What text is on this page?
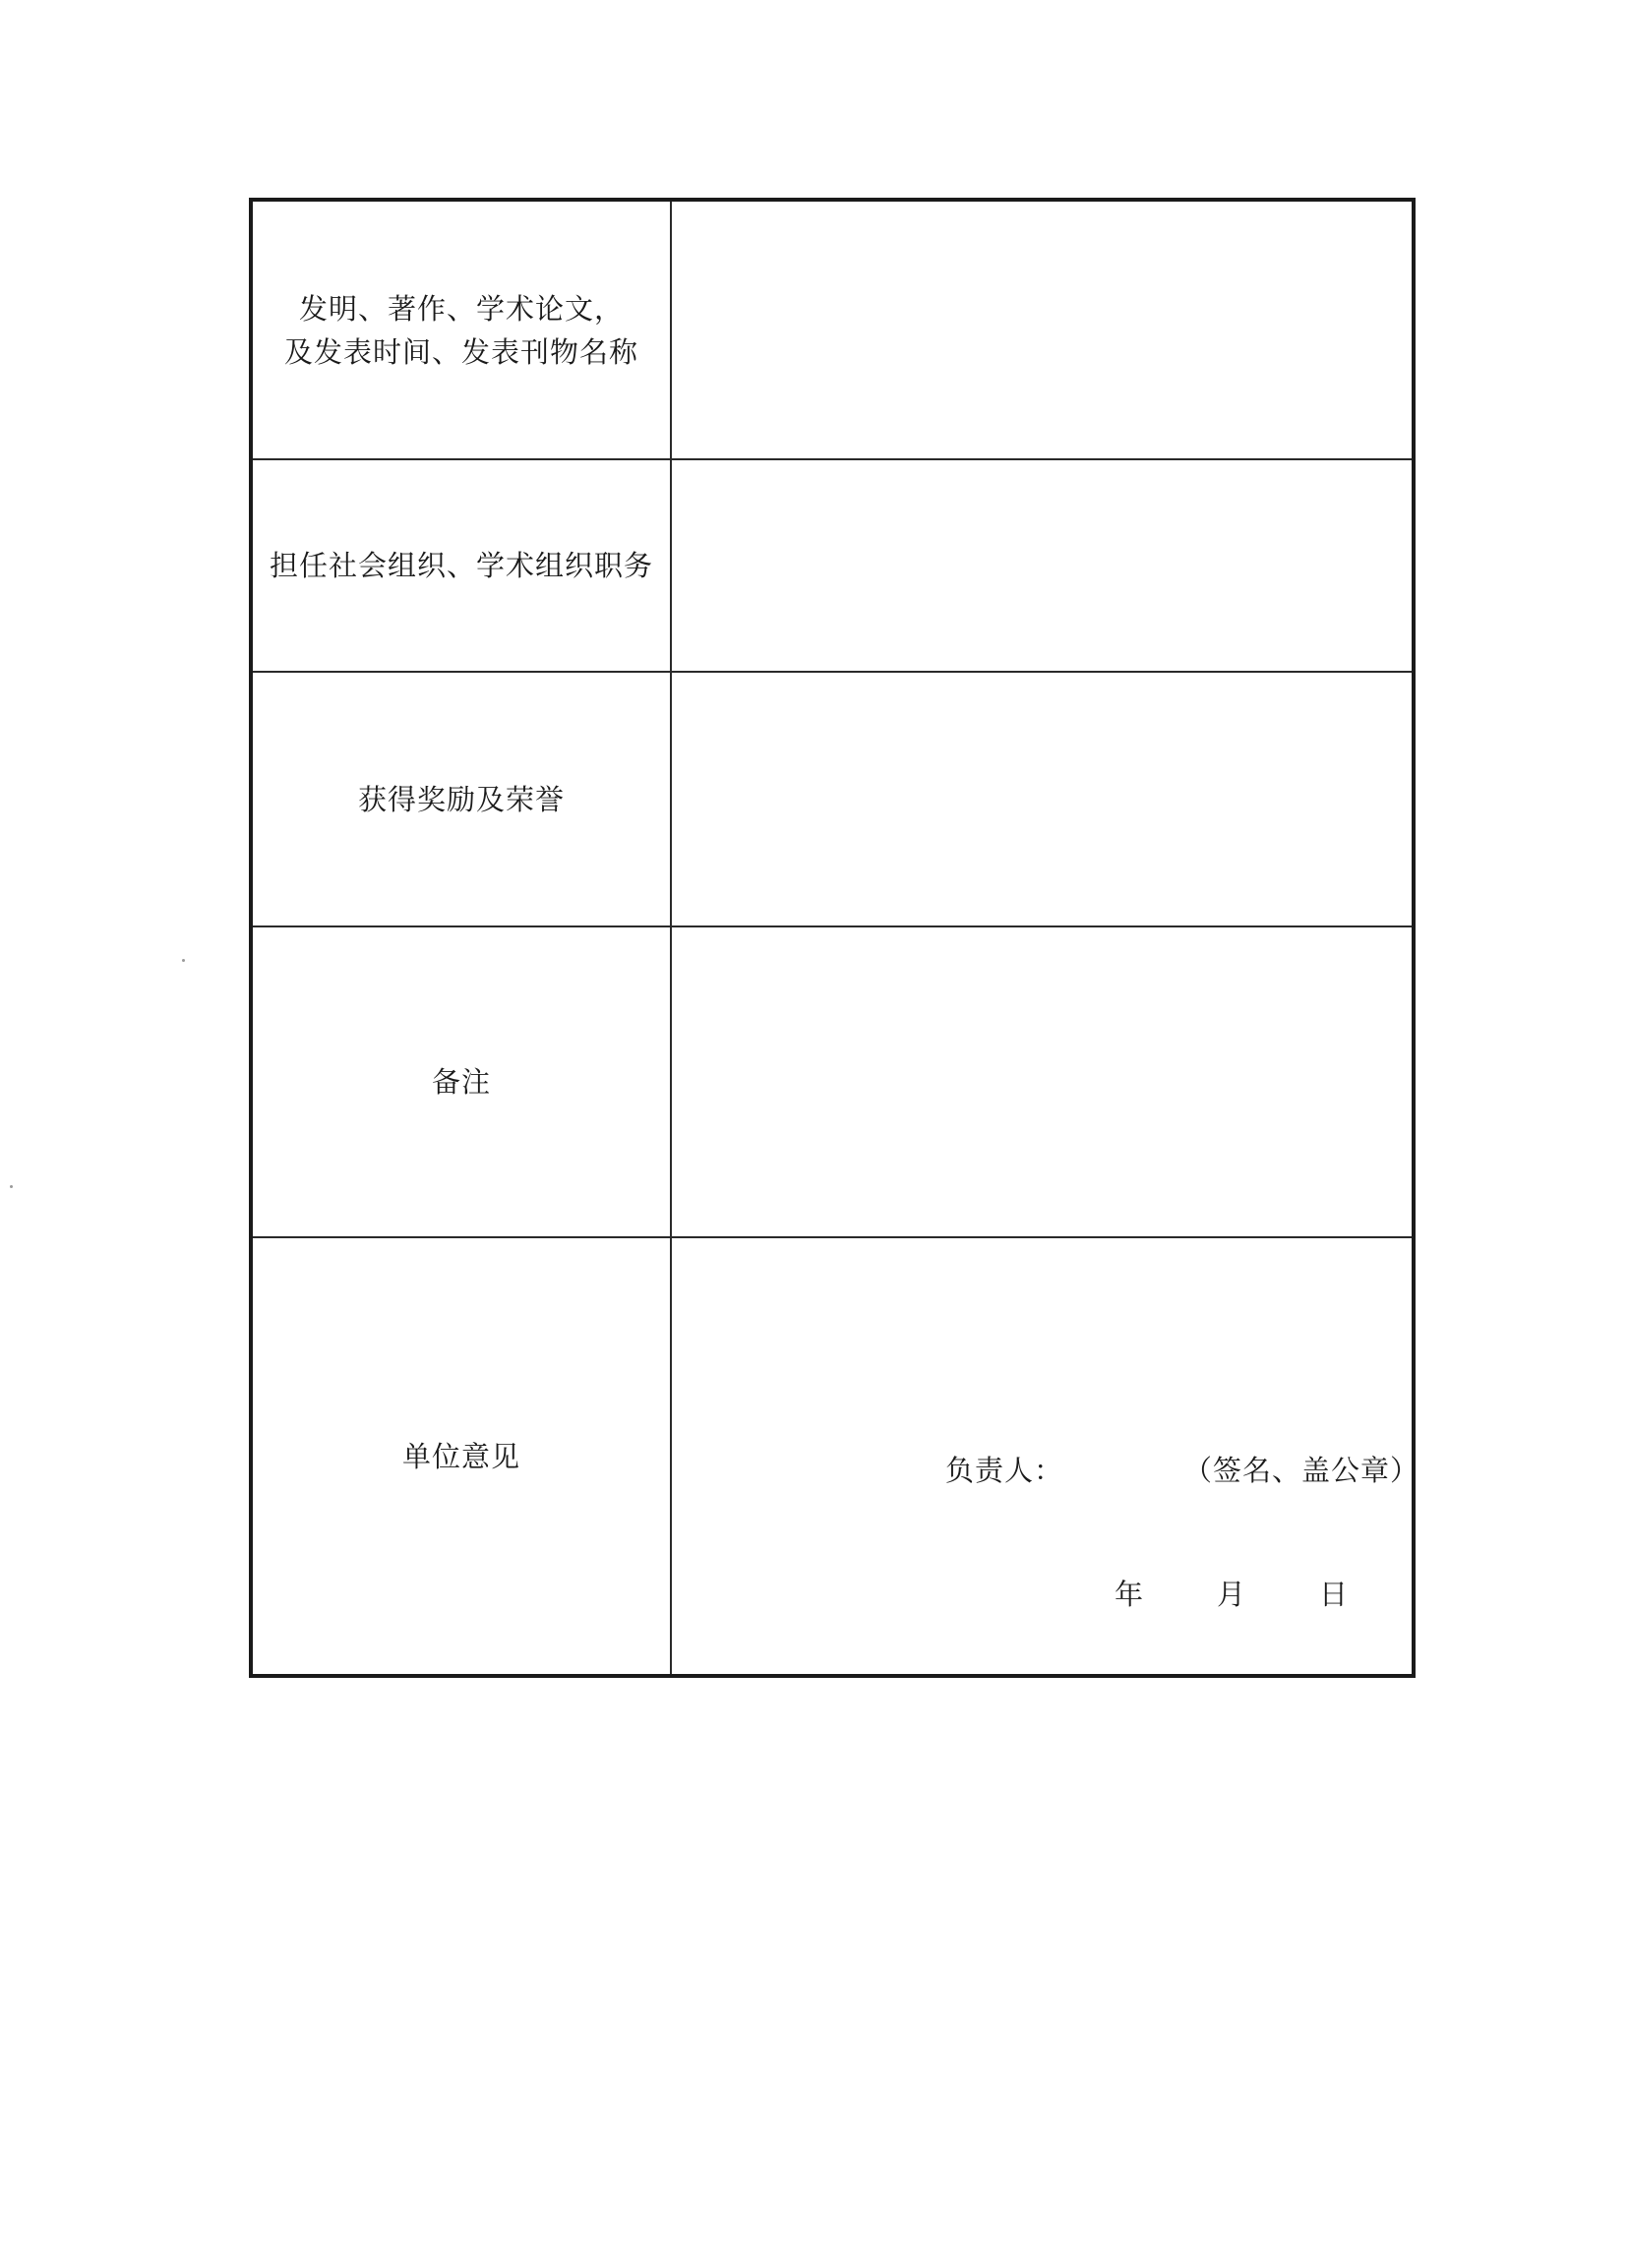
发明、著作、学术论文，
及发表时间、发表刊物名称	

担任社会组织、学术组织职务	

获得奖励及荣誉	

备注	

单位意见	负责人： （签名、盖公章）
年 月 日
